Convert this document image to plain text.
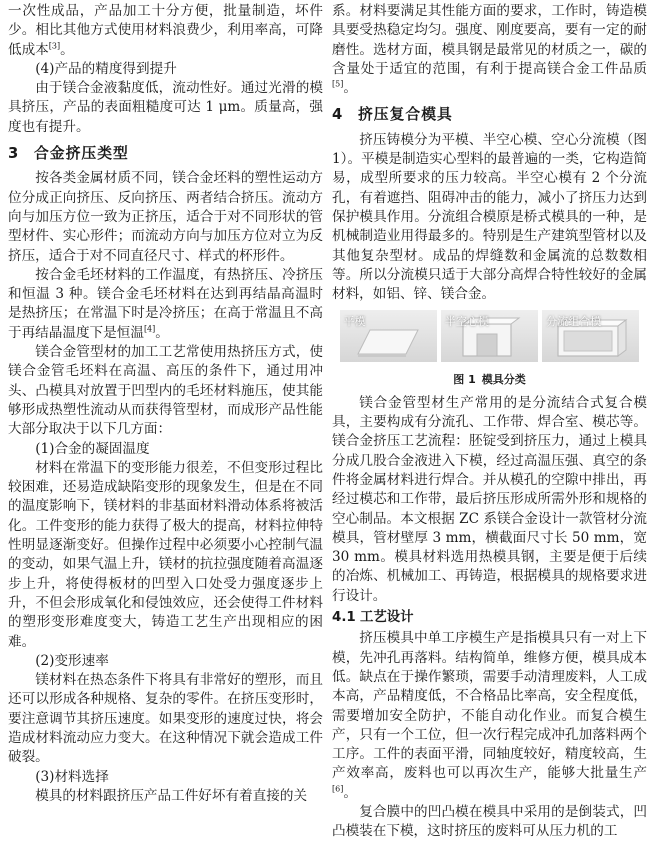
一次性成品，产品加工十分方便，批量制造，坏件少。相比其他方式使用材料浪费少，利用率高，可降低成本[3]。

(4)产品的精度得到提升

由于镁合金液黏度低，流动性好。通过光滑的模具挤压，产品的表面粗糙度可达 1 μm。质量高，强度也有提升。

3 合金挤压类型

按各类金属材质不同，镁合金坯料的塑性运动方位分成正向挤压、反向挤压、两者结合挤压。流动方向与加压方位一致为正挤压，适合于对不同形状的管型材件、实心形件；而流动方向与加压方位对立为反挤压，适合于对不同直径尺寸、样式的杯形件。

按合金毛坯材料的工作温度，有热挤压、冷挤压和恒温 3 种。镁合金毛坯材料在达到再结晶高温时是热挤压；在常温下时是冷挤压；在高于常温且不高于再结晶温度下是恒温[4]。

镁合金管型材的加工工艺常使用热挤压方式，使镁合金管毛坯料在高温、高压的条件下，通过用冲头、凸模具对放置于凹型内的毛坯材料施压，使其能够形成热塑性流动从而获得管型材，而成形产品性能大部分取决于以下几方面：

(1)合金的凝固温度

材料在常温下的变形能力很差，不但变形过程比较困难，还易造成缺陷变形的现象发生，但是在不同的温度影响下，镁材料的非基面材料滑动体系将被活化。工件变形的能力获得了极大的提高，材料拉伸特性明显逐渐变好。但操作过程中必须要小心控制气温的变动，如果气温上升，镁材的抗拉强度随着高温逐步上升，将使得板材的凹型入口处受力强度逐步上升，不但会形成氧化和侵蚀效应，还会使得工件材料的塑形变形难度变大，铸造工艺生产出现相应的困难。

(2)变形速率

镁材料在热态条件下将具有非常好的塑形，而且还可以形成各种规格、复杂的零件。在挤压变形时，要注意调节其挤压速度。如果变形的速度过快，将会造成材料流动应力变大。在这种情况下就会造成工件破裂。

(3)材料选择

模具的材料跟挤压产品工件好坏有着直接的关

系。材料要满足其性能方面的要求，工作时，铸造模具要受热稳定均匀。强度、刚度要高，要有一定的耐磨性。选材方面，模具钢是最常见的材质之一，碳的含量处于适宜的范围，有利于提高镁合金工件品质[5]。

4 挤压复合模具

挤压铸模分为平模、半空心模、空心分流模（图1）。平模是制造实心型料的最普遍的一类，它构造简易，成型所要求的压力较高。半空心模有 2 个分流孔，有着遮挡、阻碍冲击的能力，减小了挤压力达到保护模具作用。分流组合模原是桥式模具的一种，是机械制造业用得最多的。特别是生产建筑型管材以及其他复杂型材。成品的焊缝数和金属流的总数数相等。所以分流模只适于大部分高焊合特性较好的金属材料，如铝、锌、镁合金。

平模	半空心模	分流组合模
图 1 模具分类

镁合金管型材生产常用的是分流结合式复合模具，主要构成有分流孔、工作带、焊合室、模芯等。镁合金挤压工艺流程：胚锭受到挤压力，通过上模具分成几股合金液进入下模，经过高温压强、真空的条件将金属材料进行焊合。并从模孔的空隙中排出，再经过模芯和工作带，最后挤压形成所需外形和规格的空心制品。本文根据 ZC 系镁合金设计一款管材分流模具，管材壁厚 3 mm，横截面尺寸长 50 mm，宽30 mm。模具材料选用热模具钢，主要是便于后续的冶炼、机械加工、再铸造，根据模具的规格要求进行设计。

4.1 工艺设计

挤压模具中单工序模生产是指模具只有一对上下模，先冲孔再落料。结构简单，维修方便，模具成本低。缺点在于操作繁琐，需要手动清理废料，人工成本高，产品精度低，不合格品比率高，安全程度低，需要增加安全防护，不能自动化作业。而复合模生产，只有一个工位，但一次行程完成冲孔加落料两个工序。工件的表面平滑，同轴度较好，精度较高，生产效率高，废料也可以再次生产，能够大批量生产[6]。

复合膜中的凹凸模在模具中采用的是倒装式，凹凸模装在下模，这时挤压的废料可从压力机的工
